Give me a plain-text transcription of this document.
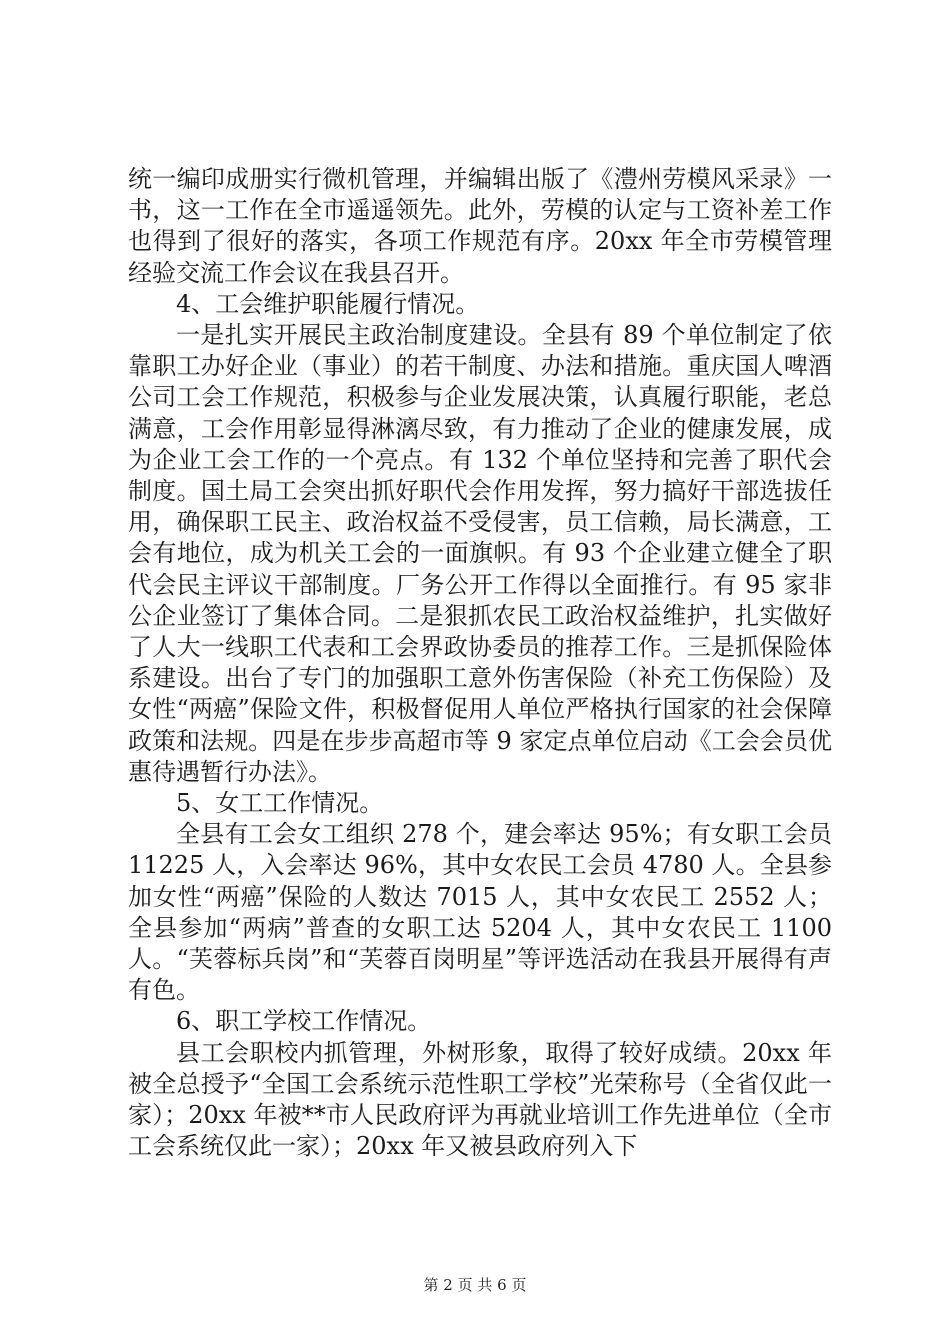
统一编印成册实行微机管理，并编辑出版了《澧州劳模风采录》一书，这一工作在全市遥遥领先。此外，劳模的认定与工资补差工作也得到了很好的落实，各项工作规范有序。20xx 年全市劳模管理经验交流工作会议在我县召开。

4、工会维护职能履行情况。

一是扎实开展民主政治制度建设。全县有 89 个单位制定了依靠职工办好企业（事业）的若干制度、办法和措施。重庆国人啤酒公司工会工作规范，积极参与企业发展决策，认真履行职能，老总满意，工会作用彰显得淋漓尽致，有力推动了企业的健康发展，成为企业工会工作的一个亮点。有 132 个单位坚持和完善了职代会制度。国土局工会突出抓好职代会作用发挥，努力搞好干部选拔任用，确保职工民主、政治权益不受侵害，员工信赖，局长满意，工会有地位，成为机关工会的一面旗帜。有 93 个企业建立健全了职代会民主评议干部制度。厂务公开工作得以全面推行。有 95 家非公企业签订了集体合同。二是狠抓农民工政治权益维护，扎实做好了人大一线职工代表和工会界政协委员的推荐工作。三是抓保险体系建设。出台了专门的加强职工意外伤害保险（补充工伤保险）及女性“两癌”保险文件，积极督促用人单位严格执行国家的社会保障政策和法规。四是在步步高超市等 9 家定点单位启动《工会会员优惠待遇暂行办法》。

5、女工工作情况。

全县有工会女工组织 278 个，建会率达 95%；有女职工会员 11225 人，入会率达 96%，其中女农民工会员 4780 人。全县参加女性“两癌”保险的人数达 7015 人，其中女农民工 2552 人；全县参加“两病”普查的女职工达 5204 人，其中女农民工 1100 人。“芙蓉标兵岗”和“芙蓉百岗明星”等评选活动在我县开展得有声有色。

6、职工学校工作情况。

县工会职校内抓管理，外树形象，取得了较好成绩。20xx 年被全总授予“全国工会系统示范性职工学校”光荣称号（全省仅此一家）；20xx 年被**市人民政府评为再就业培训工作先进单位（全市工会系统仅此一家）；20xx 年又被县政府列入下

第 2 页 共 6 页
